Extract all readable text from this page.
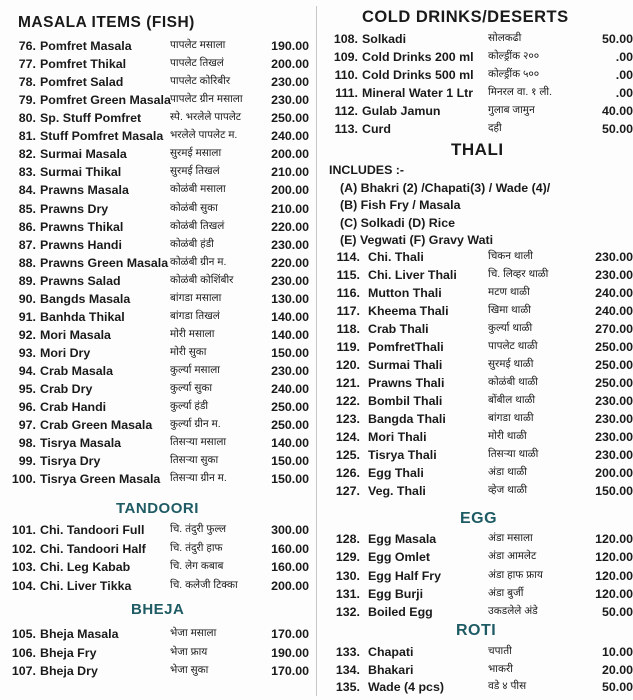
MASALA ITEMS (FISH)
76. Pomfret Masala	पापलेट मसाला	190.00
77. Pomfret Thikal	पापलेट तिखलं	200.00
78. Pomfret Salad	पापलेट कोरिबीर	230.00
79. Pomfret Green Masala पापलेट ग्रीन मसाला 230.00
80. Sp. Stuff Pomfret	स्पे. भरलेले पापलेट 250.00
81. Stuff Pomfret Masala भरलेले पापलेट म.	240.00
82. Surmai Masala	सुरमई मसाला	200.00
83. Surmai Thikal	सुरमई तिखलं	210.00
84. Prawns Masala	कोळंबी मसाला	200.00
85. Prawns Dry	कोळंबी सुका	210.00
86. Prawns Thikal	कोळंबी तिखलं	220.00
87. Prawns Handi	कोळंबी हंडी	230.00
88. Prawns Green Masala कोळंबी ग्रीन म.	220.00
89. Prawns Salad	कोळंबी कोशिंबीर	230.00
90. Bangds Masala	बांगडा मसाला	130.00
91. Banhda Thikal	बांगडा तिखलं	140.00
92. Mori Masala	मोरी मसाला	140.00
93. Mori Dry	मोरी सुका	150.00
94. Crab Masala	कुर्ल्या मसाला	230.00
95. Crab Dry	कुर्ल्या सुका	240.00
96. Crab Handi	कुर्ल्या हंडी	250.00
97. Crab Green Masala कुर्ल्या ग्रीन म.	250.00
98. Tisrya Masala	तिसऱ्या मसाला	140.00
99. Tisrya Dry	तिसऱ्या सुका	150.00
100. Tisrya Green Masala तिसऱ्या ग्रीन म.	150.00
TANDOORI
101. Chi. Tandoori Full चि. तंदुरी फुल्ल	300.00
102. Chi. Tandoori Half चि. तंदुरी हाफ	160.00
103. Chi. Leg Kabab	चि. लेग कबाब	160.00
104. Chi. Liver Tikka	चि. कलेजी टिक्का	200.00
BHEJA
105. Bheja Masala	भेजा मसाला	170.00
106. Bheja Fry	भेजा फ्राय	190.00
107. Bheja Dry	भेजा सुका	170.00
COLD DRINKS/DESERTS
108. Solkadi	सोलकढी	50.00
109. Cold Drinks 200 ml कोल्ड्रींक २००	.00
110. Cold Drinks 500 ml कोल्ड्रींक ५००	.00
111. Mineral Water 1 Ltr मिनरल वा. १ ली.	.00
112. Gulab Jamun	गुलाब जामुन	40.00
113. Curd	दही	50.00
THALI
INCLUDES :-
(A) Bhakri (2) /Chapati(3) / Wade (4)/
(B) Fish Fry / Masala
(C) Solkadi (D) Rice
(E) Vegwati (F) Gravy Wati
114. Chi. Thali	चिकन थाली	230.00
115. Chi. Liver Thali	चि. लिव्हर थाळी	230.00
116. Mutton Thali	मटण थाळी	240.00
117. Kheema Thali	खिमा थाळी	240.00
118. Crab Thali	कुर्ल्या थाळी	270.00
119. PomfretThali	पापलेट थाळी	250.00
120. Surmai Thali	सुरमई थाळी	250.00
121. Prawns Thali	कोळंबी थाळी	250.00
122. Bombil Thali	बोंबील थाळी	230.00
123. Bangda Thali	बांगडा थाळी	230.00
124. Mori Thali	मोरी थाळी	230.00
125. Tisrya Thali	तिसऱ्या थाळी	230.00
126. Egg Thali	अंडा थाळी	200.00
127. Veg. Thali	व्हेज थाळी	150.00
EGG
128. Egg Masala	अंडा मसाला	120.00
129. Egg Omlet	अंडा आमलेट	120.00
130. Egg Half Fry	अंडा हाफ फ्राय	120.00
131. Egg Burji	अंडा बुर्जी	120.00
132. Boiled Egg	उकडलेले अंडे	50.00
ROTI
133. Chapati	चपाती	10.00
134. Bhakari	भाकरी	20.00
135. Wade (4 pcs)	वडे ४ पीस	50.00
